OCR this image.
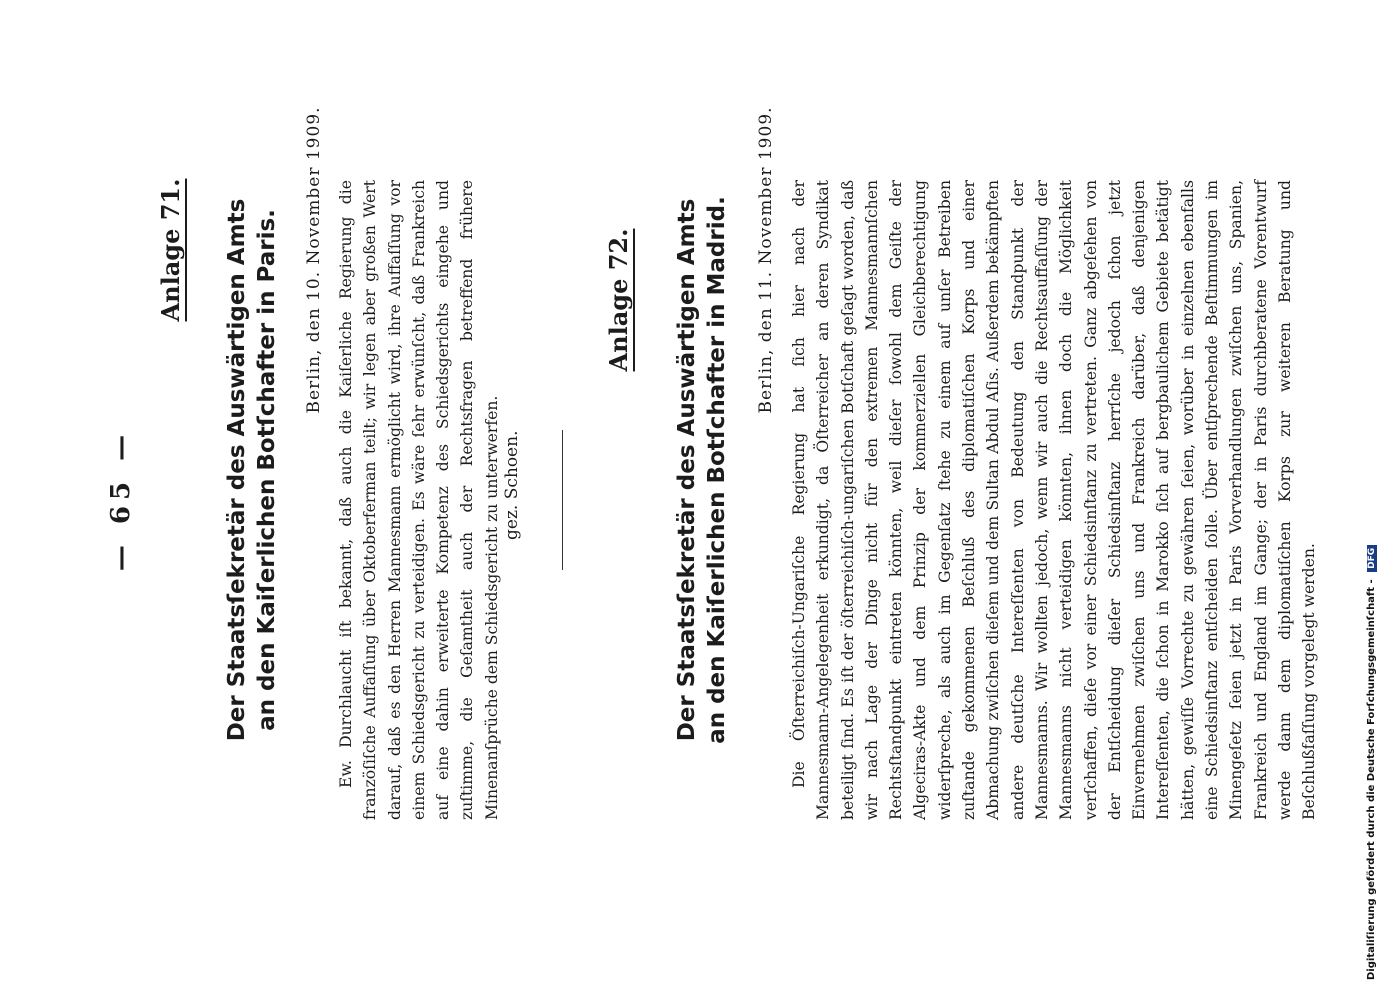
— 65 —
Anlage 71. Der Staatsſekretär des Auswärtigen Amts an den Kaiſerlichen Botſchafter in Paris. Berlin, den 10. November 1909. Ew. Durchlaucht iſt bekannt, daß auch die Kaiſerliche Regierung die franzöſiſche Auffaſſung über Oktoberferman teilt; wir legen aber großen Wert darauf, daß es den Herren Mannesmann ermöglicht wird, ihre Auffaſſung vor einem Schiedsgericht zu verteidigen. Es wäre ſehr erwünſcht, daß Frankreich auf eine dahin erweiterte Kompetenz des Schiedsgerichts eingehe und zuſtimme, die Geſamtheit auch der Rechtsfragen betreffend frühere Minenanſprüche dem Schiedsgericht zu unterwerfen. gez. Schoen.
Anlage 72. Der Staatsſekretär des Auswärtigen Amts an den Kaiſerlichen Botſchafter in Madrid. Berlin, den 11. November 1909. Die Öſterreichiſch-Ungariſche Regierung hat ſich hier nach der Mannesmann-Angelegenheit erkundigt, da Öſterreicher an deren Syndikat beteiligt ſind. Es iſt der öſterreichiſch-ungariſchen Botſchaft geſagt worden, daß wir nach Lage der Dinge nicht für den extremen Mannesmannſchen Rechtsſtandpunkt eintreten könnten, weil dieſer ſowohl dem Geiſte der Algeciras-Akte und dem Prinzip der kommerziellen Gleichberechtigung widerſpreche, als auch im Gegenſatz ſtehe zu einem auf unſer Betreiben zuſtande gekommenen Beſchluß des diplomatiſchen Korps und einer Abmachung zwiſchen dieſem und dem Sultan Abdul Aſis. Außerdem bekämpften andere deutſche Intereſſenten von Bedeutung den Standpunkt der Mannesmanns. Wir wollten jedoch, wenn wir auch die Rechtsauffaſſung der Mannesmanns nicht verteidigen könnten, ihnen doch die Möglichkeit verſchaffen, dieſe vor einer Schiedsinſtanz zu vertreten. Ganz abgeſehen von der Entſcheidung dieſer Schiedsinſtanz herrſche jedoch ſchon jetzt Einvernehmen zwiſchen uns und Frankreich darüber, daß denjenigen Intereſſenten, die ſchon in Marokko ſich auf bergbaulichem Gebiete betätigt hätten, gewiſſe Vorrechte zu gewähren ſeien, worüber in einzelnen ebenfalls eine Schiedsinſtanz entſcheiden ſolle. Über entſprechende Beſtimmungen im Minengeſetz ſeien jetzt in Paris Vorverhandlungen zwiſchen uns, Spanien, Frankreich und England im Gange; der in Paris durchberatene Vorentwurf werde dann dem diplomatiſchen Korps zur weiteren Beratung und Beſchlußfaſſung vorgelegt werden.	Digitaliſierung gefördert durch die Deutsche Forſchungsgemeinſchaft - DFG
